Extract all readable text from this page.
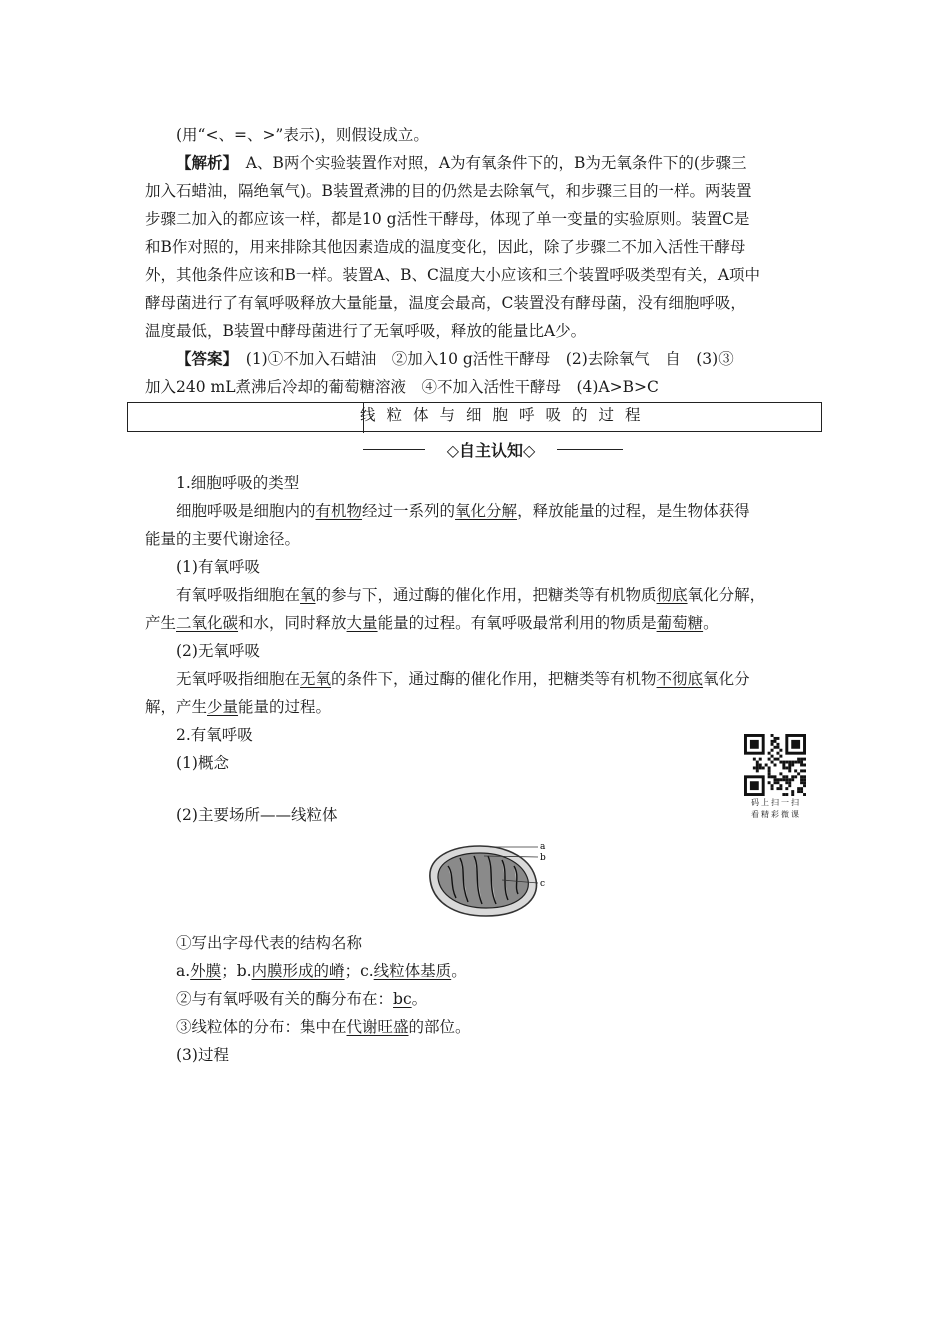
(用“<、=、>”表示)，则假设成立。
【解析】　A、B两个实验装置作对照，A为有氧条件下的，B为无氧条件下的(步骤三
加入石蜡油，隔绝氧气)。B装置煮沸的目的仍然是去除氧气，和步骤三目的一样。两装置
步骤二加入的都应该一样，都是10 g活性干酵母，体现了单一变量的实验原则。装置C是
和B作对照的，用来排除其他因素造成的温度变化，因此，除了步骤二不加入活性干酵母
外，其他条件应该和B一样。装置A、B、C温度大小应该和三个装置呼吸类型有关，A项中
酵母菌进行了有氧呼吸释放大量能量，温度会最高，C装置没有酵母菌，没有细胞呼吸，
温度最低，B装置中酵母菌进行了无氧呼吸，释放的能量比A少。
【答案】　(1)①不加入石蜡油　②加入10 g活性干酵母　(2)去除氧气　自　(3)③
加入240 mL煮沸后冷却的葡萄糖溶液　④不加入活性干酵母　(4)A>B>C
线粒体与细胞呼吸的过程
◇自主认知◇
1.细胞呼吸的类型
细胞呼吸是细胞内的有机物经过一系列的氧化分解，释放能量的过程，是生物体获得
能量的主要代谢途径。
(1)有氧呼吸
有氧呼吸指细胞在氧的参与下，通过酶的催化作用，把糖类等有机物质彻底氧化分解，
产生二氧化碳和水，同时释放大量能量的过程。有氧呼吸最常利用的物质是葡萄糖。
(2)无氧呼吸
无氧呼吸指细胞在无氧的条件下，通过酶的催化作用，把糖类等有机物不彻底氧化分
解，产生少量能量的过程。
2.有氧呼吸
(1)概念
码上扫一扫
看精彩微课
(2)主要场所——线粒体
a
b
c
①写出字母代表的结构名称
a.外膜；b.内膜形成的嵴；c.线粒体基质。
②与有氧呼吸有关的酶分布在：bc。
③线粒体的分布：集中在代谢旺盛的部位。
(3)过程
